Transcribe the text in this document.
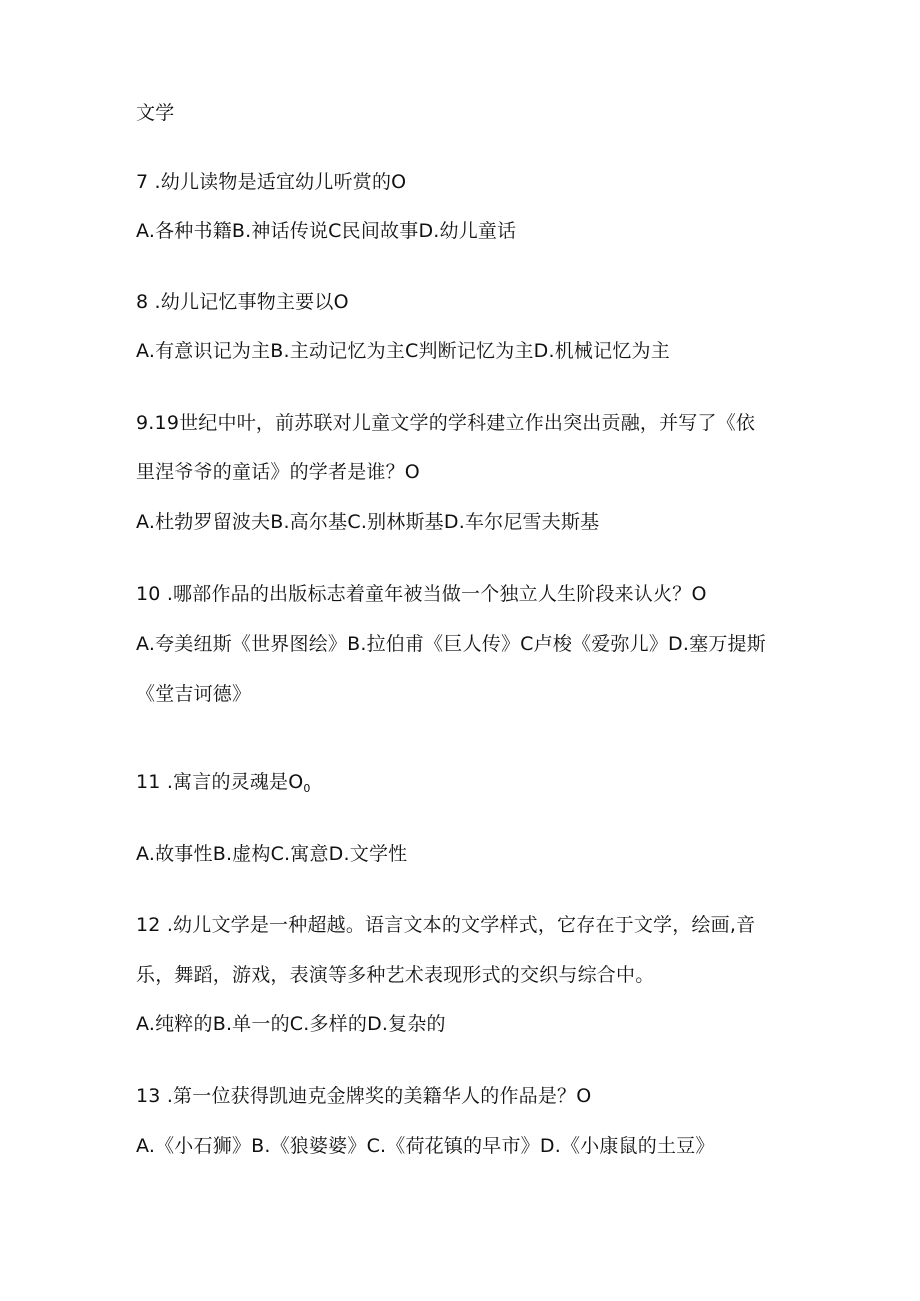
文学
7 .幼儿读物是适宜幼儿听赏的O
A.各种书籍B.神话传说C民间故事D.幼儿童话
8 .幼儿记忆事物主要以O
A.有意识记为主B.主动记忆为主C判断记忆为主D.机械记忆为主
9.19世纪中叶，前苏联对儿童文学的学科建立作出突出贡融，并写了《依
里涅爷爷的童话》的学者是谁？O
A.杜勃罗留波夫B.高尔基C.别林斯基D.车尔尼雪夫斯基
10 .哪部作品的出版标志着童年被当做一个独立人生阶段来认火？O
A.夸美纽斯《世界图绘》B.拉伯甫《巨人传》C卢梭《爱弥儿》D.塞万提斯
《堂吉诃德》
11 .寓言的灵魂是$O_0$
A.故事性B.虚构C.寓意D.文学性
12 .幼儿文学是一种超越。语言文本的文学样式，它存在于文学，绘画,音
乐，舞蹈，游戏，表演等多种艺术表现形式的交织与综合中。
A.纯粹的B.单一的C.多样的D.复杂的
13 .第一位获得凯迪克金牌奖的美籍华人的作品是？O
A.《小石狮》B.《狼婆婆》C.《荷花镇的早市》D.《小康鼠的土豆》
